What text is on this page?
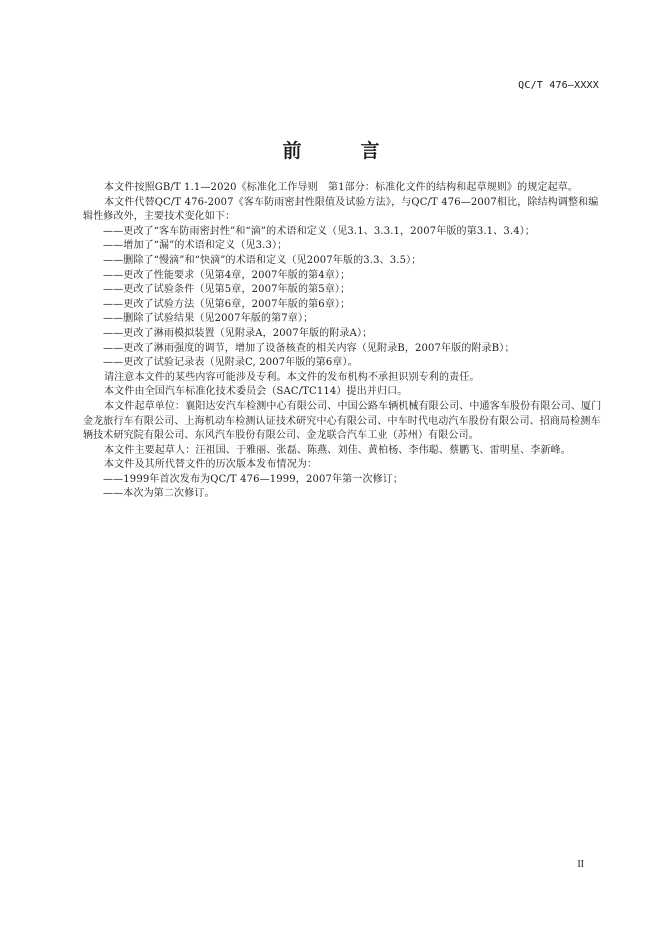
QC/T 476—XXXX
前　言

本文件按照GB/T 1.1—2020《标准化工作导则　第1部分：标准化文件的结构和起草规则》的规定起草。

本文件代替QC/T 476-2007《客车防雨密封性限值及试验方法》，与QC/T 476—2007相比，除结构调整和编辑性修改外，主要技术变化如下：

——更改了“客车防雨密封性”和“滴”的术语和定义（见3.1、3.3.1，2007年版的第3.1、3.4）；

——增加了“漏”的术语和定义（见3.3）；

——删除了“慢滴”和“快滴”的术语和定义（见2007年版的3.3、3.5）；

——更改了性能要求（见第4章，2007年版的第4章）；

——更改了试验条件（见第5章，2007年版的第5章）；

——更改了试验方法（见第6章，2007年版的第6章）；

——删除了试验结果（见2007年版的第7章）；

——更改了淋雨模拟装置（见附录A，2007年版的附录A）；

——更改了淋雨强度的调节，增加了设备核查的相关内容（见附录B，2007年版的附录B）；

——更改了试验记录表（见附录C, 2007年版的第6章）。

请注意本文件的某些内容可能涉及专利。本文件的发布机构不承担识别专利的责任。

本文件由全国汽车标准化技术委员会（SAC/TC114）提出并归口。

本文件起草单位：襄阳达安汽车检测中心有限公司、中国公路车辆机械有限公司、中通客车股份有限公司、厦门金龙旅行车有限公司、上海机动车检测认证技术研究中心有限公司、中车时代电动汽车股份有限公司、招商局检测车辆技术研究院有限公司、东风汽车股份有限公司、金龙联合汽车工业（苏州）有限公司。

本文件主要起草人：汪祖国、于雅丽、张磊、陈燕、刘佳、黄柏杨、李伟聪、蔡鹏飞、雷明星、李新峰。

本文件及其所代替文件的历次版本发布情况为：

——1999年首次发布为QC/T 476—1999，2007年第一次修订；

——本次为第二次修订。

II
